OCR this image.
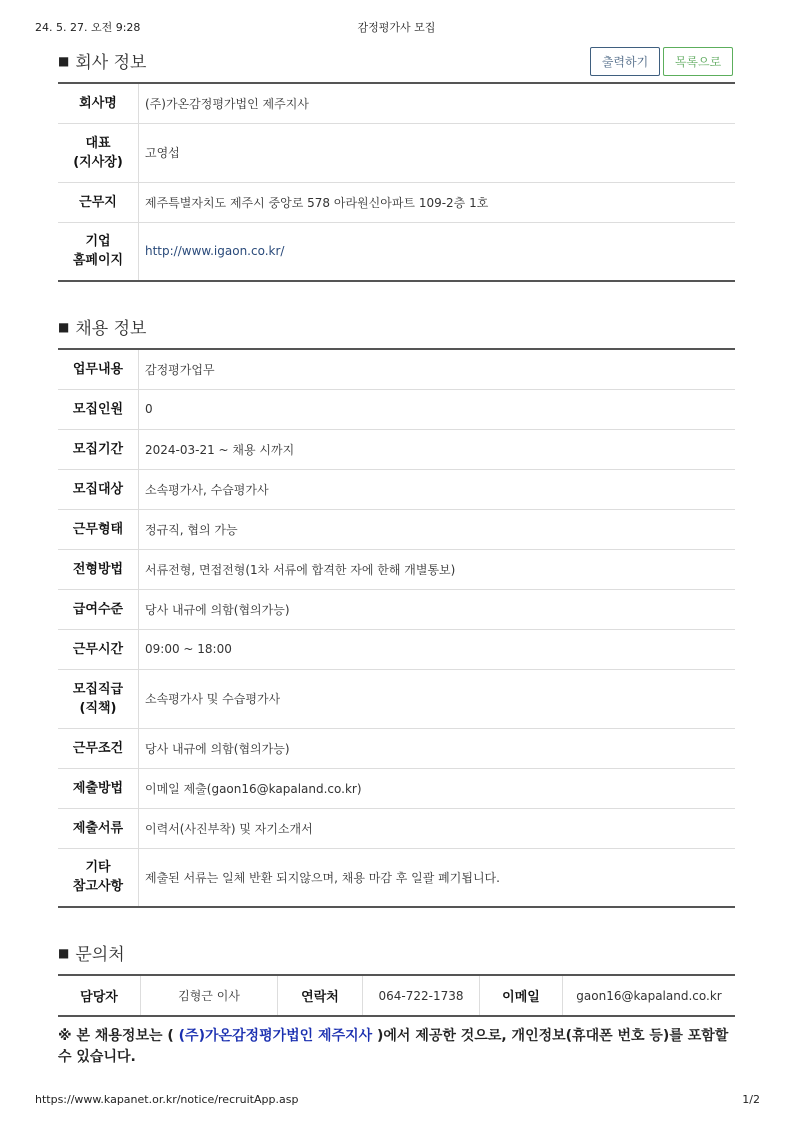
24. 5. 27. 오전 9:28	감정평가사 모집
■ 회사 정보	출력하기	목록으로
회사명	(주)가온감정평가법인 제주지사
대표
(지사장)	고영섭
근무지	제주특별자치도 제주시 중앙로 578 아라원신아파트 109-2층 1호
기업
홈페이지	http://www.igaon.co.kr/
■ 채용 정보
업무내용	감정평가업무
모집인원	0
모집기간	2024-03-21 ~ 채용 시까지
모집대상	소속평가사, 수습평가사
근무형태	정규직, 협의 가능
전형방법	서류전형, 면접전형(1차 서류에 합격한 자에 한해 개별통보)
급여수준	당사 내규에 의함(협의가능)
근무시간	09:00 ~ 18:00
모집직급
(직책)	소속평가사 및 수습평가사
근무조건	당사 내규에 의함(협의가능)
제출방법	이메일 제출(gaon16@kapaland.co.kr)
제출서류	이력서(사진부착) 및 자기소개서
기타
참고사항	제출된 서류는 일체 반환 되지않으며, 채용 마감 후 일괄 폐기됩니다.
■ 문의처
담당자	김형근 이사	연락처	064-722-1738	이메일	gaon16@kapaland.co.kr
※ 본 채용정보는 ( (주)가온감정평가법인 제주지사 )에서 제공한 것으로, 개인정보(휴대폰 번호 등)를 포함할 수 있습니다.
https://www.kapanet.or.kr/notice/recruitApp.asp	1/2
